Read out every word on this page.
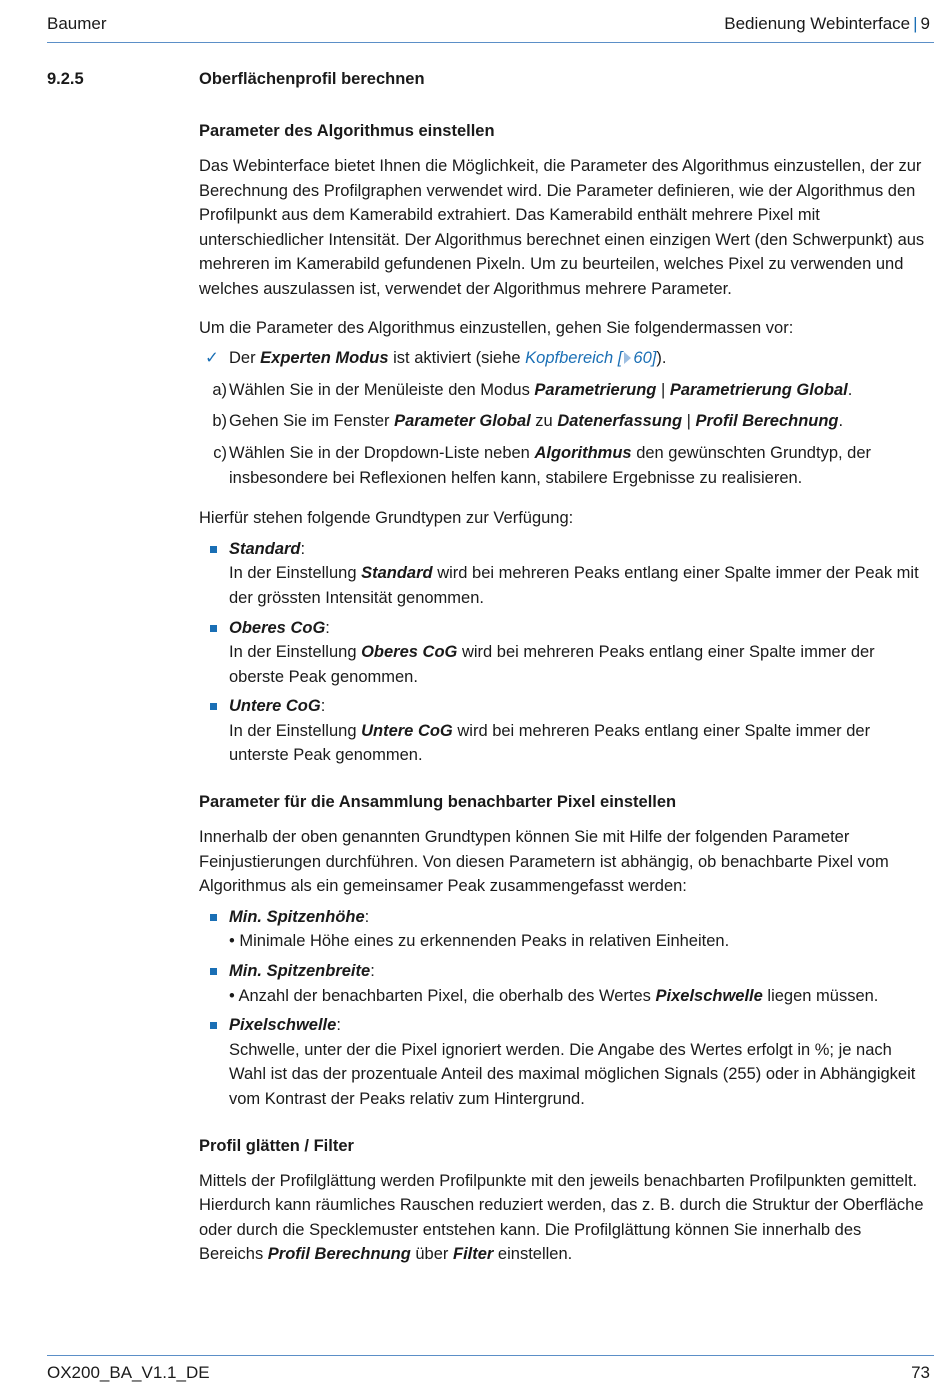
Baumer	Bedienung Webinterface | 9
9.2.5	Oberflächenprofil berechnen
Parameter des Algorithmus einstellen

Das Webinterface bietet Ihnen die Möglichkeit, die Parameter des Algorithmus einzustellen, der zur Berechnung des Profilgraphen verwendet wird. Die Parameter definieren, wie der Algorithmus den Profilpunkt aus dem Kamerabild extrahiert. Das Kamerabild enthält mehrere Pixel mit unterschiedlicher Intensität. Der Algorithmus berechnet einen einzigen Wert (den Schwerpunkt) aus mehreren im Kamerabild gefundenen Pixeln. Um zu beurteilen, welches Pixel zu verwenden und welches auszulassen ist, verwendet der Algorithmus mehrere Parameter.

Um die Parameter des Algorithmus einzustellen, gehen Sie folgendermassen vor:

✓ Der Experten Modus ist aktiviert (siehe Kopfbereich [ 60]).
a) Wählen Sie in der Menüleiste den Modus Parametrierung | Parametrierung Global.
b) Gehen Sie im Fenster Parameter Global zu Datenerfassung | Profil Berechnung.
c) Wählen Sie in der Dropdown-Liste neben Algorithmus den gewünschten Grundtyp, der insbesondere bei Reflexionen helfen kann, stabilere Ergebnisse zu realisieren.

Hierfür stehen folgende Grundtypen zur Verfügung:

Standard:
In der Einstellung Standard wird bei mehreren Peaks entlang einer Spalte immer der Peak mit der grössten Intensität genommen.
Oberes CoG:
In der Einstellung Oberes CoG wird bei mehreren Peaks entlang einer Spalte immer der oberste Peak genommen.
Untere CoG:
In der Einstellung Untere CoG wird bei mehreren Peaks entlang einer Spalte immer der unterste Peak genommen.
Parameter für die Ansammlung benachbarter Pixel einstellen

Innerhalb der oben genannten Grundtypen können Sie mit Hilfe der folgenden Parameter Feinjustierungen durchführen. Von diesen Parametern ist abhängig, ob benachbarte Pixel vom Algorithmus als ein gemeinsamer Peak zusammengefasst werden:

Min. Spitzenhöhe:
• Minimale Höhe eines zu erkennenden Peaks in relativen Einheiten.
Min. Spitzenbreite:
• Anzahl der benachbarten Pixel, die oberhalb des Wertes Pixelschwelle liegen müssen.
Pixelschwelle:
Schwelle, unter der die Pixel ignoriert werden. Die Angabe des Wertes erfolgt in %; je nach Wahl ist das der prozentuale Anteil des maximal möglichen Signals (255) oder in Abhängigkeit vom Kontrast der Peaks relativ zum Hintergrund.
Profil glätten / Filter

Mittels der Profilglättung werden Profilpunkte mit den jeweils benachbarten Profilpunkten gemittelt. Hierdurch kann räumliches Rauschen reduziert werden, das z. B. durch die Struktur der Oberfläche oder durch die Specklemuster entstehen kann. Die Profilglättung können Sie innerhalb des Bereichs Profil Berechnung über Filter einstellen.

OX200_BA_V1.1_DE	73
